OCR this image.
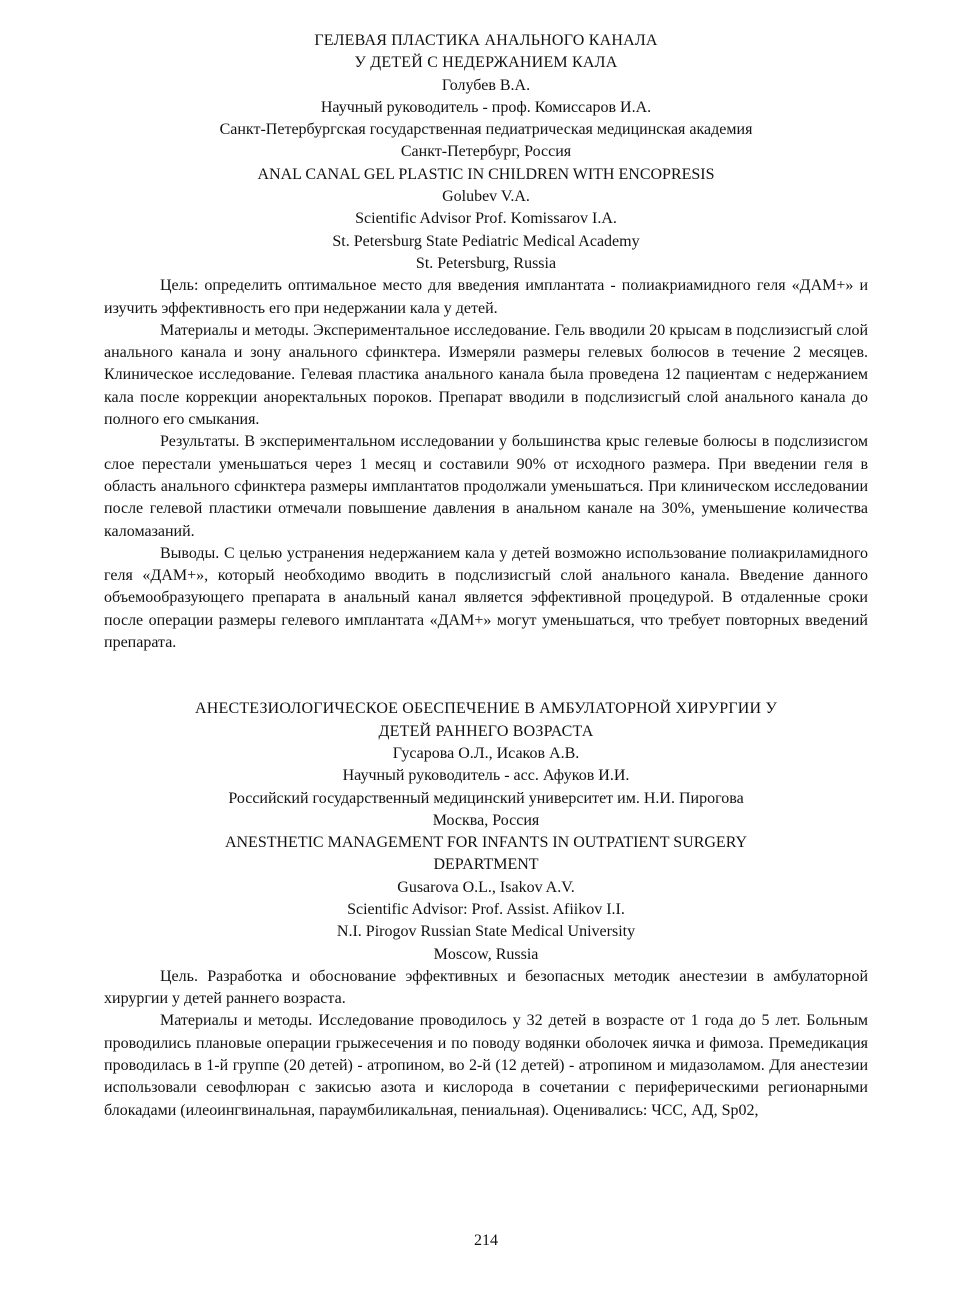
ГЕЛЕВАЯ ПЛАСТИКА АНАЛЬНОГО КАНАЛА
У ДЕТЕЙ С НЕДЕРЖАНИЕМ КАЛА
Голубев В.А.
Научный руководитель - проф. Комиссаров И.А.
Санкт-Петербургская государственная педиатрическая медицинская академия
Санкт-Петербург, Россия
ANAL CANAL GEL PLASTIC IN CHILDREN WITH ENCOPRESIS
Golubev V.A.
Scientific Advisor Prof. Komissarov I.A.
St. Petersburg State Pediatric Medical Academy
St. Petersburg, Russia

Цель: определить оптимальное место для введения имплантата - полиакриамидного геля «ДАМ+» и изучить эффективность его при недержании кала у детей.

Материалы и методы. Экспериментальное исследование. Гель вводили 20 крысам в подслизисгый слой анального канала и зону анального сфинктера. Измеряли размеры гелевых болюсов в течение 2 месяцев. Клиническое исследование. Гелевая пластика анального канала была проведена 12 пациентам с недержанием кала после коррекции аноректальных пороков. Препарат вводили в подслизисгый слой анального канала до полного его смыкания.

Результаты. В экспериментальном исследовании у большинства крыс гелевые болюсы в подслизисгом слое перестали уменьшаться через 1 месяц и составили 90% от исходного размера. При введении геля в область анального сфинктера размеры имплантатов продолжали уменьшаться. При клиническом исследовании после гелевой пластики отмечали повышение давления в анальном канале на 30%, уменьшение количества каломазаний.

Выводы. С целью устранения недержанием кала у детей возможно использование полиакриламидного геля «ДАМ+», который необходимо вводить в подслизисгый слой анального канала. Введение данного объемообразующего препарата в анальный канал является эффективной процедурой. В отдаленные сроки после операции размеры гелевого имплантата «ДАМ+» могут уменьшаться, что требует повторных введений препарата.

АНЕСТЕЗИОЛОГИЧЕСКОЕ ОБЕСПЕЧЕНИЕ В АМБУЛАТОРНОЙ ХИРУРГИИ У
ДЕТЕЙ РАННЕГО ВОЗРАСТА
Гусарова О.Л., Исаков А.В.
Научный руководитель - асс. Афуков И.И.
Российский государственный медицинский университет им. Н.И. Пирогова
Москва, Россия
ANESTHETIC MANAGEMENT FOR INFANTS IN OUTPATIENT SURGERY
DEPARTMENT
Gusarova O.L., Isakov A.V.
Scientific Advisor: Prof. Assist. Afiikov I.I.
N.I. Pirogov Russian State Medical University
Moscow, Russia

Цель. Разработка и обоснование эффективных и безопасных методик анестезии в амбулаторной хирургии у детей раннего возраста.

Материалы и методы. Исследование проводилось у 32 детей в возрасте от 1 года до 5 лет. Больным проводились плановые операции грыжесечения и по поводу водянки оболочек яичка и фимоза. Премедикация проводилась в 1-й группе (20 детей) - атропином, во 2-й (12 детей) - атропином и мидазоламом. Для анестезии использовали севофлюран с закисью азота и кислорода в сочетании с периферическими регионарными блокадами (илеоингвинальная, параумбиликальная, пениальная). Оценивались: ЧСС, АД, Sp02,

214
